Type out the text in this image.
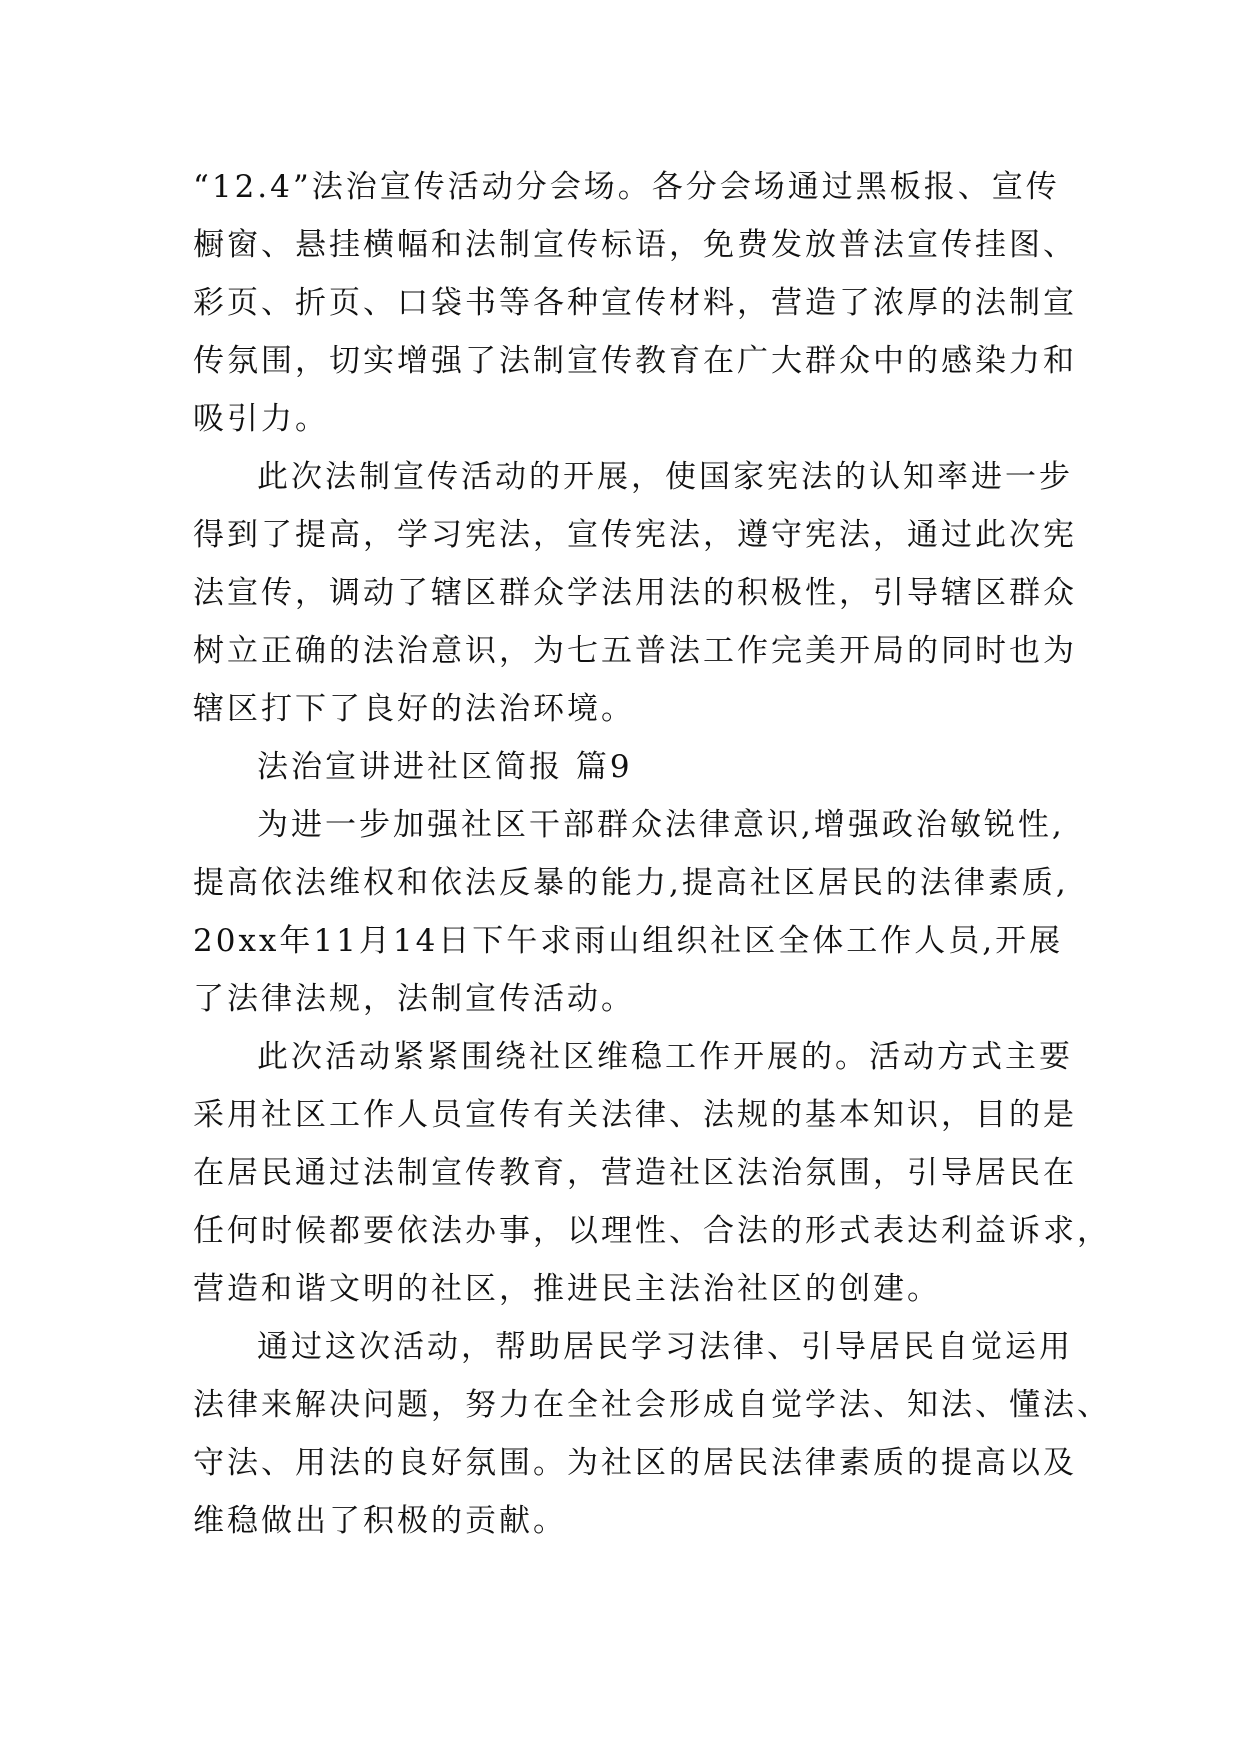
“12.4”法治宣传活动分会场。各分会场通过黑板报、宣传
橱窗、悬挂横幅和法制宣传标语，免费发放普法宣传挂图、
彩页、折页、口袋书等各种宣传材料，营造了浓厚的法制宣
传氛围，切实增强了法制宣传教育在广大群众中的感染力和
吸引力。
此次法制宣传活动的开展，使国家宪法的认知率进一步
得到了提高，学习宪法，宣传宪法，遵守宪法，通过此次宪
法宣传，调动了辖区群众学法用法的积极性，引导辖区群众
树立正确的法治意识，为七五普法工作完美开局的同时也为
辖区打下了良好的法治环境。
法治宣讲进社区简报 篇9
为进一步加强社区干部群众法律意识,增强政治敏锐性,
提高依法维权和依法反暴的能力,提高社区居民的法律素质,
20xx年11月14日下午求雨山组织社区全体工作人员,开展
了法律法规，法制宣传活动。
此次活动紧紧围绕社区维稳工作开展的。活动方式主要
采用社区工作人员宣传有关法律、法规的基本知识，目的是
在居民通过法制宣传教育，营造社区法治氛围，引导居民在
任何时候都要依法办事，以理性、合法的形式表达利益诉求，
营造和谐文明的社区，推进民主法治社区的创建。
通过这次活动，帮助居民学习法律、引导居民自觉运用
法律来解决问题，努力在全社会形成自觉学法、知法、懂法、
守法、用法的良好氛围。为社区的居民法律素质的提高以及
维稳做出了积极的贡献。
